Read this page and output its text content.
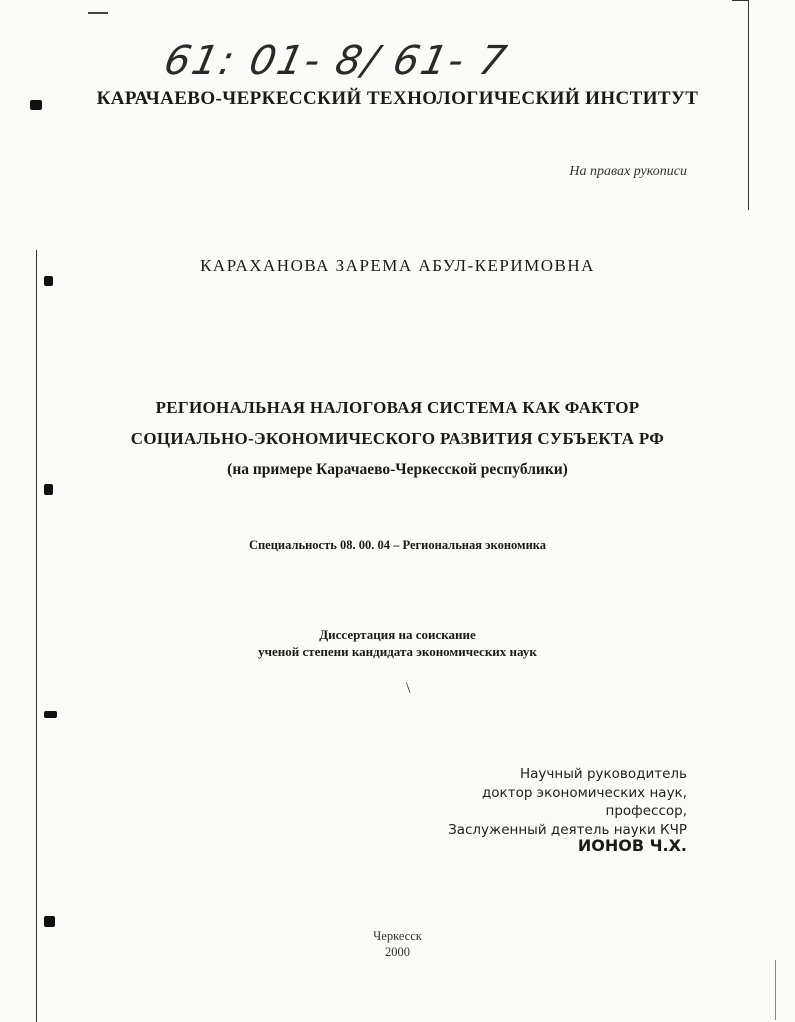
61: 01- 8/ 61- 7
КАРАЧАЕВО-ЧЕРКЕССКИЙ ТЕХНОЛОГИЧЕСКИЙ ИНСТИТУТ
На правах рукописи
КАРАХАНОВА ЗАРЕМА АБУЛ-КЕРИМОВНА
РЕГИОНАЛЬНАЯ НАЛОГОВАЯ СИСТЕМА КАК ФАКТОР
СОЦИАЛЬНО-ЭКОНОМИЧЕСКОГО РАЗВИТИЯ СУБЪЕКТА РФ
(на примере Карачаево-Черкесской республики)
Специальность 08. 00. 04 – Региональная экономика
Диссертация на соискание
ученой степени кандидата экономических наук
\
Научный руководитель
доктор экономических наук,
профессор,
Заслуженный деятель науки КЧР
ИОНОВ Ч.Х.
Черкесск
2000
